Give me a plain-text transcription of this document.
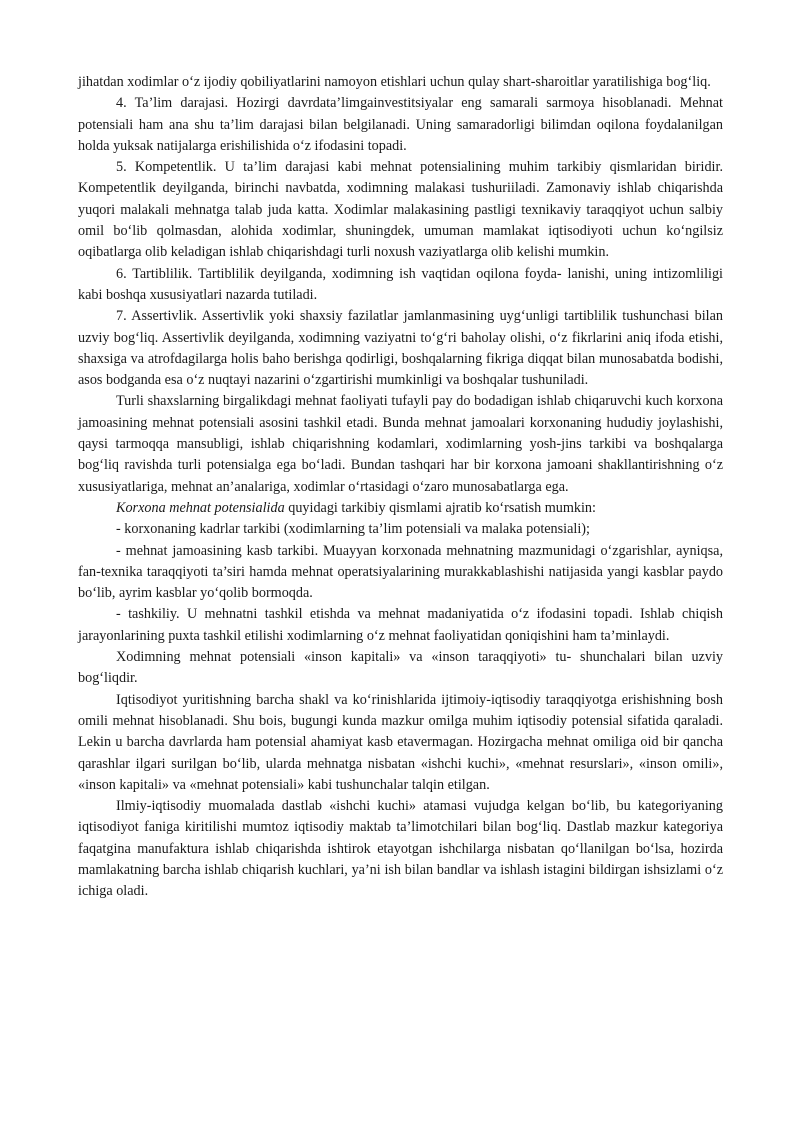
jihatdan xodimlar o‘z ijodiy qobiliyatlarini namoyon etishlari uchun qulay shart-sharoitlar yaratilishiga bog‘liq.

4. Ta’lim darajasi. Hozirgi davrdata’limgainvestitsiyalar eng samarali sarmoya hisoblanadi. Mehnat potensiali ham ana shu ta’lim darajasi bilan belgilanadi. Uning samaradorligi bilimdan oqilona foydalanilgan holda yuksak natijalarga erishilishida o‘z ifodasini topadi.

5. Kompetentlik. U ta’lim darajasi kabi mehnat potensialining muhim tarkibiy qismlaridan biridir. Kompetentlik deyilganda, birinchi navbatda, xodimning malakasi tushuriiladi. Zamonaviy ishlab chiqarishda yuqori malakali mehnatga talab juda katta. Xodimlar malakasining pastligi texnikaviy taraqqiyot uchun salbiy omil bo‘lib qolmasdan, alohida xodimlar, shuningdek, umuman mamlakat iqtisodiyoti uchun ko‘ngilsiz oqibatlarga olib keladigan ishlab chiqarishdagi turli noxush vaziyatlarga olib kelishi mumkin.

6. Tartiblilik. Tartiblilik deyilganda, xodimning ish vaqtidan oqilona foyda- lanishi, uning intizomliligi kabi boshqa xususiyatlari nazarda tutiladi.

7. Assertivlik. Assertivlik yoki shaxsiy fazilatlar jamlanmasining uyg‘unligi tartiblilik tushunchasi bilan uzviy bog‘liq. Assertivlik deyilganda, xodimning vaziyatni to‘g‘ri baholay olishi, o‘z fikrlarini aniq ifoda etishi, shaxsiga va atrofdagilarga holis baho berishga qodirligi, boshqalarning fikriga diqqat bilan munosabatda bodishi, asos bodganda esa o‘z nuqtayi nazarini o‘zgartirishi mumkinligi va boshqalar tushuniladi.

Turli shaxslarning birgalikdagi mehnat faoliyati tufayli pay do bodadigan ishlab chiqaruvchi kuch korxona jamoasining mehnat potensiali asosini tashkil etadi. Bunda mehnat jamoalari korxonaning hududiy joylashishi, qaysi tarmoqqa mansubligi, ishlab chiqarishning kodamlari, xodimlarning yosh-jins tarkibi va boshqalarga bog‘liq ravishda turli potensialga ega bo‘ladi. Bundan tashqari har bir korxona jamoani shakllantirishning o‘z xususiyatlariga, mehnat an’analariga, xodimlar o‘rtasidagi o‘zaro munosabatlarga ega.

Korxona mehnat potensialida quyidagi tarkibiy qismlami ajratib ko‘rsatish mumkin:

- korxonaning kadrlar tarkibi (xodimlarning ta’lim potensiali va malaka potensiali);

- mehnat jamoasining kasb tarkibi. Muayyan korxonada mehnatning mazmunidagi o‘zgarishlar, ayniqsa, fan-texnika taraqqiyoti ta’siri hamda mehnat operatsiyalarining murakkablashishi natijasida yangi kasblar paydo bo‘lib, ayrim kasblar yo‘qolib bormoqda.

- tashkiliy. U mehnatni tashkil etishda va mehnat madaniyatida o‘z ifodasini topadi. Ishlab chiqish jarayonlarining puxta tashkil etilishi xodimlarning o‘z mehnat faoliyatidan qoniqishini ham ta’minlaydi.

Xodimning mehnat potensiali «inson kapitali» va «inson taraqqiyoti» tu- shunchalari bilan uzviy bog‘liqdir.

Iqtisodiyot yuritishning barcha shakl va ko‘rinishlarida ijtimoiy-iqtisodiy taraqqiyotga erishishning bosh omili mehnat hisoblanadi. Shu bois, bugungi kunda mazkur omilga muhim iqtisodiy potensial sifatida qaraladi. Lekin u barcha davrlarda ham potensial ahamiyat kasb etavermagan. Hozirgacha mehnat omiliga oid bir qancha qarashlar ilgari surilgan bo‘lib, ularda mehnatga nisbatan «ishchi kuchi», «mehnat resurslari», «inson omili», «inson kapitali» va «mehnat potensiali» kabi tushunchalar talqin etilgan.

Ilmiy-iqtisodiy muomalada dastlab «ishchi kuchi» atamasi vujudga kelgan bo‘lib, bu kategoriyaning iqtisodiyot faniga kiritilishi mumtoz iqtisodiy maktab ta’limotchilari bilan bog‘liq. Dastlab mazkur kategoriya faqatgina manufaktura ishlab chiqarishda ishtirok etayotgan ishchilarga nisbatan qo‘llanilgan bo‘lsa, hozirda mamlakatning barcha ishlab chiqarish kuchlari, ya’ni ish bilan bandlar va ishlash istagini bildirgan ishsizlami o‘z ichiga oladi.
